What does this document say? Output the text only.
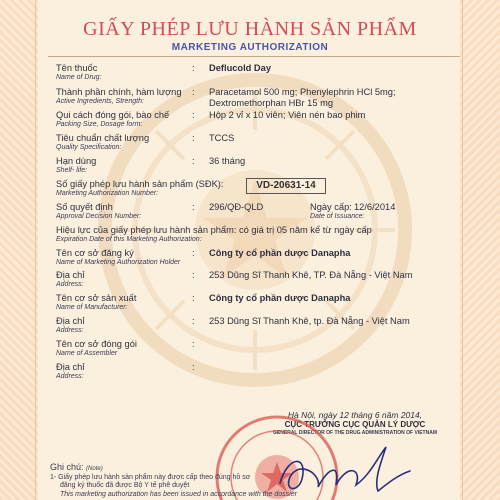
GIẤY PHÉP LƯU HÀNH SẢN PHẨM
MARKETING AUTHORIZATION
Tên thuốc
Name of Drug:
: Deflucold Day
Thành phần chính, hàm lượng
Active Ingredients, Strength:
: Paracetamol 500 mg; Phenylephrin HCl 5mg;
Dextromethorphan HBr 15 mg
Qui cách đóng gói, bào chế
Packing Size, Dosage form:
: Hộp 2 vỉ x 10 viên; Viên nén bao phim
Tiêu chuẩn chất lượng
Quality Specification:
: TCCS
Hạn dùng
Shelf- life:
: 36 tháng
Số giấy phép lưu hành sản phẩm (SĐK):
Marketing Authorization Number:
VD-20631-14
Số quyết định
Approval Decision Number:
: 296/QĐ-QLD	Ngày cấp: 12/6/2014
Date of Issuance:
Hiệu lực của giấy phép lưu hành sản phẩm: có giá trị 05 năm kể từ ngày cấp
Expiration Date of this Marketing Authorization:
Tên cơ sở đăng ký
Name of Marketing Authorization Holder
: Công ty cổ phần dược Danapha
Địa chỉ
Address:
: 253 Dũng Sĩ Thanh Khê, TP. Đà Nẵng - Việt Nam
Tên cơ sở sản xuất
Name of Manufacturer:
: Công ty cổ phần dược Danapha
Địa chỉ
Address:
: 253 Dũng Sĩ Thanh Khê, tp. Đà Nẵng - Việt Nam
Tên cơ sở đóng gói
Name of Assembler
:
Địa chỉ
Address:
:
Hà Nội, ngày 12 tháng 6 năm 2014,
CỤC TRƯỞNG CỤC QUẢN LÝ DƯỢC
GENERAL DIRECTOR OF THE DRUG ADMINISTRATION OF VIETNAM
Ghi chú: (Note)
1- Giấy phép lưu hành sản phẩm này được cấp theo đúng hồ sơ
đăng ký thuốc đã được Bộ Y tế phê duyệt
This marketing authorization has been issued in accordance with the dossier
